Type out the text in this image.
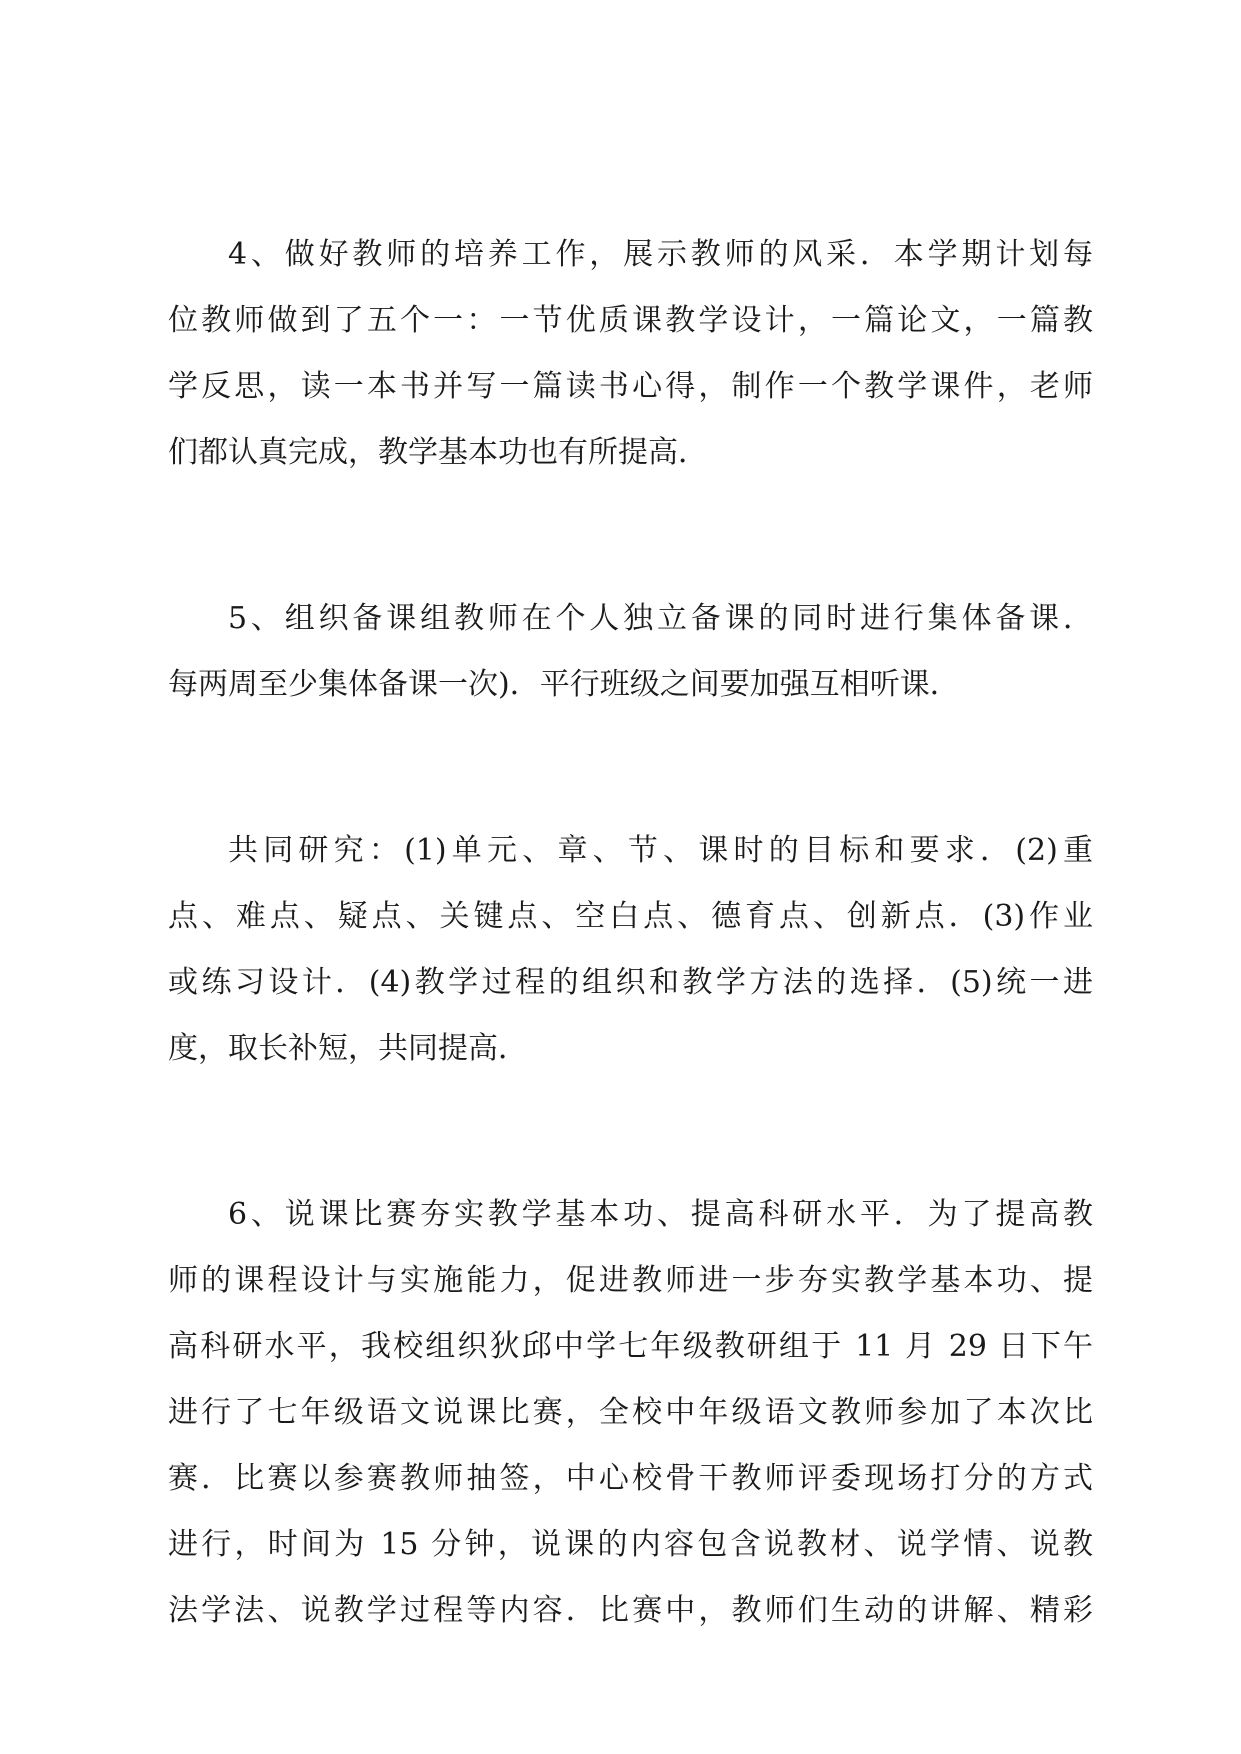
4、做好教师的培养工作，展示教师的风采．本学期计划每
位教师做到了五个一：一节优质课教学设计，一篇论文，一篇教
学反思，读一本书并写一篇读书心得，制作一个教学课件，老师
们都认真完成，教学基本功也有所提高．
5、组织备课组教师在个人独立备课的同时进行集体备课．
每两周至少集体备课一次)．平行班级之间要加强互相听课．
共同研究：(1)单元、章、节、课时的目标和要求．(2)重
点、难点、疑点、关键点、空白点、德育点、创新点．(3)作业
或练习设计．(4)教学过程的组织和教学方法的选择．(5)统一进
度，取长补短，共同提高．
6、说课比赛夯实教学基本功、提高科研水平．为了提高教
师的课程设计与实施能力，促进教师进一步夯实教学基本功、提
高科研水平，我校组织狄邱中学七年级教研组于 11 月 29 日下午
进行了七年级语文说课比赛，全校中年级语文教师参加了本次比
赛．比赛以参赛教师抽签，中心校骨干教师评委现场打分的方式
进行，时间为 15 分钟，说课的内容包含说教材、说学情、说教
法学法、说教学过程等内容．比赛中，教师们生动的讲解、精彩
